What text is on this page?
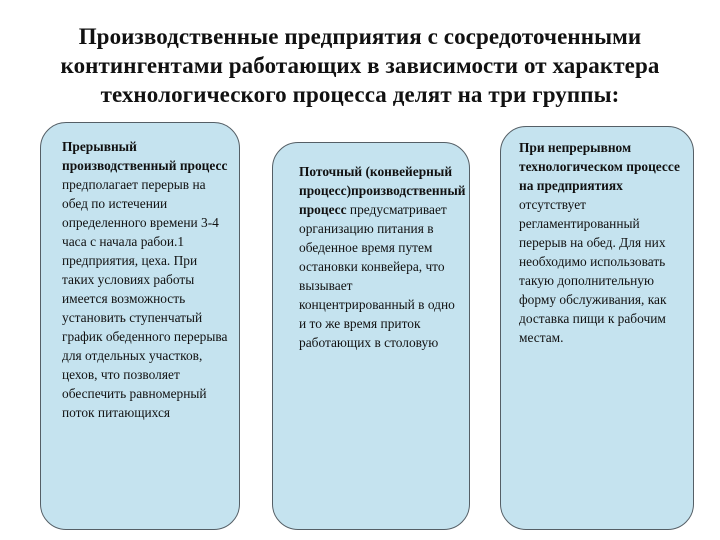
Производственные предприятия с сосредоточенными контингентами работающих в зависимости от характера технологического процесса делят на три группы:

Прерывный производственный процесс предполагает перерыв на обед по истечении определенного времени 3-4 часа с начала рабои.1 предприятия, цеха. При таких условиях работы имеется возможность установить ступенчатый график обеденного перерыва для отдельных участков, цехов, что позволяет обеспечить равномерный поток питающихся

Поточный (конвейерный процесс)производственный процесс предусматривает организацию питания в обеденное время путем остановки конвейера, что вызывает концентрированный в одно и то же время приток работающих в столовую

При непрерывном технологическом процессе на предприятиях отсутствует регламентированный перерыв на обед. Для них необходимо использовать такую дополнительную форму обслуживания, как доставка пищи к рабочим местам.
